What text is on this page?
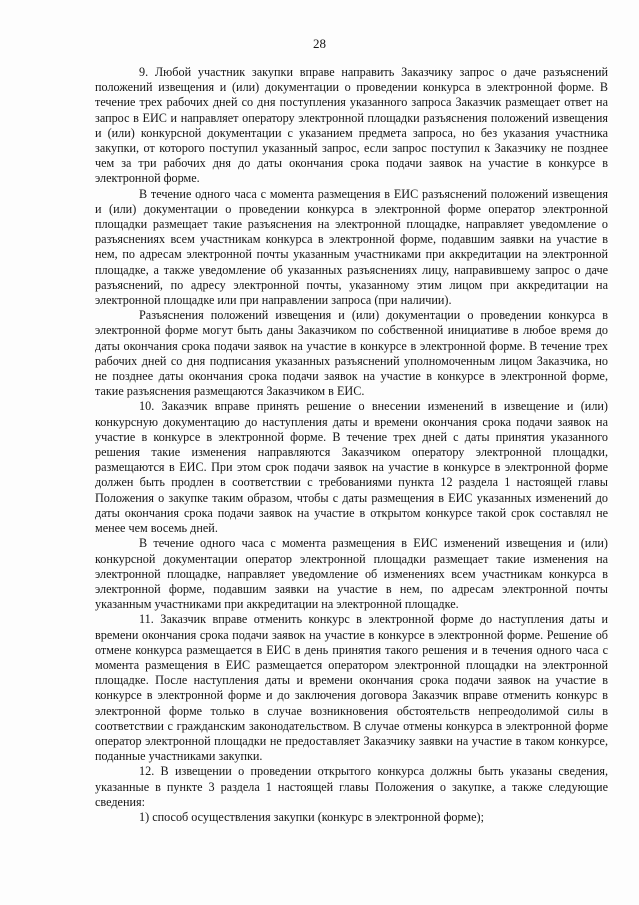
28

9. Любой участник закупки вправе направить Заказчику запрос о даче разъяснений положений извещения и (или) документации о проведении конкурса в электронной форме. В течение трех рабочих дней со дня поступления указанного запроса Заказчик размещает ответ на запрос в ЕИС и направляет оператору электронной площадки разъяснения положений извещения и (или) конкурсной документации с указанием предмета запроса, но без указания участника закупки, от которого поступил указанный запрос, если запрос поступил к Заказчику не позднее чем за три рабочих дня до даты окончания срока подачи заявок на участие в конкурсе в электронной форме.

В течение одного часа с момента размещения в ЕИС разъяснений положений извещения и (или) документации о проведении конкурса в электронной форме оператор электронной площадки размещает такие разъяснения на электронной площадке, направляет уведомление о разъяснениях всем участникам конкурса в электронной форме, подавшим заявки на участие в нем, по адресам электронной почты указанным участниками при аккредитации на электронной площадке, а также уведомление об указанных разъяснениях лицу, направившему запрос о даче разъяснений, по адресу электронной почты, указанному этим лицом при аккредитации на электронной площадке или при направлении запроса (при наличии).

Разъяснения положений извещения и (или) документации о проведении конкурса в электронной форме могут быть даны Заказчиком по собственной инициативе в любое время до даты окончания срока подачи заявок на участие в конкурсе в электронной форме. В течение трех рабочих дней со дня подписания указанных разъяснений уполномоченным лицом Заказчика, но не позднее даты окончания срока подачи заявок на участие в конкурсе в электронной форме, такие разъяснения размещаются Заказчиком в ЕИС.

10. Заказчик вправе принять решение о внесении изменений в извещение и (или) конкурсную документацию до наступления даты и времени окончания срока подачи заявок на участие в конкурсе в электронной форме. В течение трех дней с даты принятия указанного решения такие изменения направляются Заказчиком оператору электронной площадки, размещаются в ЕИС. При этом срок подачи заявок на участие в конкурсе в электронной форме должен быть продлен в соответствии с требованиями пункта 12 раздела 1 настоящей главы Положения о закупке таким образом, чтобы с даты размещения в ЕИС указанных изменений до даты окончания срока подачи заявок на участие в открытом конкурсе такой срок составлял не менее чем восемь дней.

В течение одного часа с момента размещения в ЕИС изменений извещения и (или) конкурсной документации оператор электронной площадки размещает такие изменения на электронной площадке, направляет уведомление об изменениях всем участникам конкурса в электронной форме, подавшим заявки на участие в нем, по адресам электронной почты указанным участниками при аккредитации на электронной площадке.

11. Заказчик вправе отменить конкурс в электронной форме до наступления даты и времени окончания срока подачи заявок на участие в конкурсе в электронной форме. Решение об отмене конкурса размещается в ЕИС в день принятия такого решения и в течения одного часа с момента размещения в ЕИС размещается оператором электронной площадки на электронной площадке. После наступления даты и времени окончания срока подачи заявок на участие в конкурсе в электронной форме и до заключения договора Заказчик вправе отменить конкурс в электронной форме только в случае возникновения обстоятельств непреодолимой силы в соответствии с гражданским законодательством. В случае отмены конкурса в электронной форме оператор электронной площадки не предоставляет Заказчику заявки на участие в таком конкурсе, поданные участниками закупки.

12. В извещении о проведении открытого конкурса должны быть указаны сведения, указанные в пункте 3 раздела 1 настоящей главы Положения о закупке, а также следующие сведения:

1) способ осуществления закупки (конкурс в электронной форме);
